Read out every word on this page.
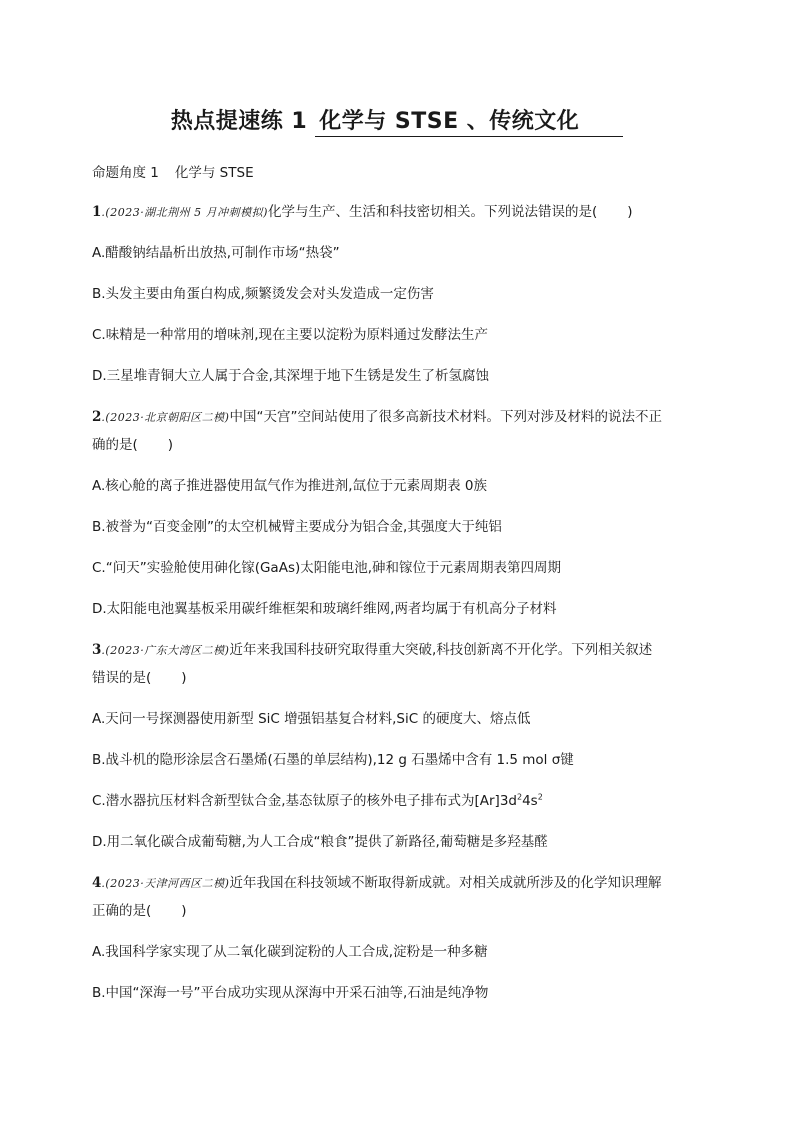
热点提速练 1 化学与 STSE 、传统文化
命题角度 1 化学与 STSE
1.(2023·湖北荆州 5 月冲刺模拟)化学与生产、生活和科技密切相关。下列说法错误的是( )
A.醋酸钠结晶析出放热,可制作市场“热袋”
B.头发主要由角蛋白构成,频繁烫发会对头发造成一定伤害
C.味精是一种常用的增味剂,现在主要以淀粉为原料通过发酵法生产
D.三星堆青铜大立人属于合金,其深埋于地下生锈是发生了析氢腐蚀
2.(2023·北京朝阳区二模)中国“天宫”空间站使用了很多高新技术材料。下列对涉及材料的说法不正
确的是( )
A.核心舱的离子推进器使用氙气作为推进剂,氙位于元素周期表 0族
B.被誉为“百变金刚”的太空机械臂主要成分为铝合金,其强度大于纯铝
C.“问天”实验舱使用砷化镓(GaAs)太阳能电池,砷和镓位于元素周期表第四周期
D.太阳能电池翼基板采用碳纤维框架和玻璃纤维网,两者均属于有机高分子材料
3.(2023·广东大湾区二模)近年来我国科技研究取得重大突破,科技创新离不开化学。下列相关叙述
错误的是( )
A.天问一号探测器使用新型 SiC 增强铝基复合材料,SiC 的硬度大、熔点低
B.战斗机的隐形涂层含石墨烯(石墨的单层结构),12 g 石墨烯中含有 1.5 mol σ键
C.潜水器抗压材料含新型钛合金,基态钛原子的核外电子排布式为$[Ar]3d^24s^2$
D.用二氧化碳合成葡萄糖,为人工合成“粮食”提供了新路径,葡萄糖是多羟基醛
4.(2023·天津河西区二模)近年我国在科技领域不断取得新成就。对相关成就所涉及的化学知识理解
正确的是( )
A.我国科学家实现了从二氧化碳到淀粉的人工合成,淀粉是一种多糖
B.中国“深海一号”平台成功实现从深海中开采石油等,石油是纯净物
